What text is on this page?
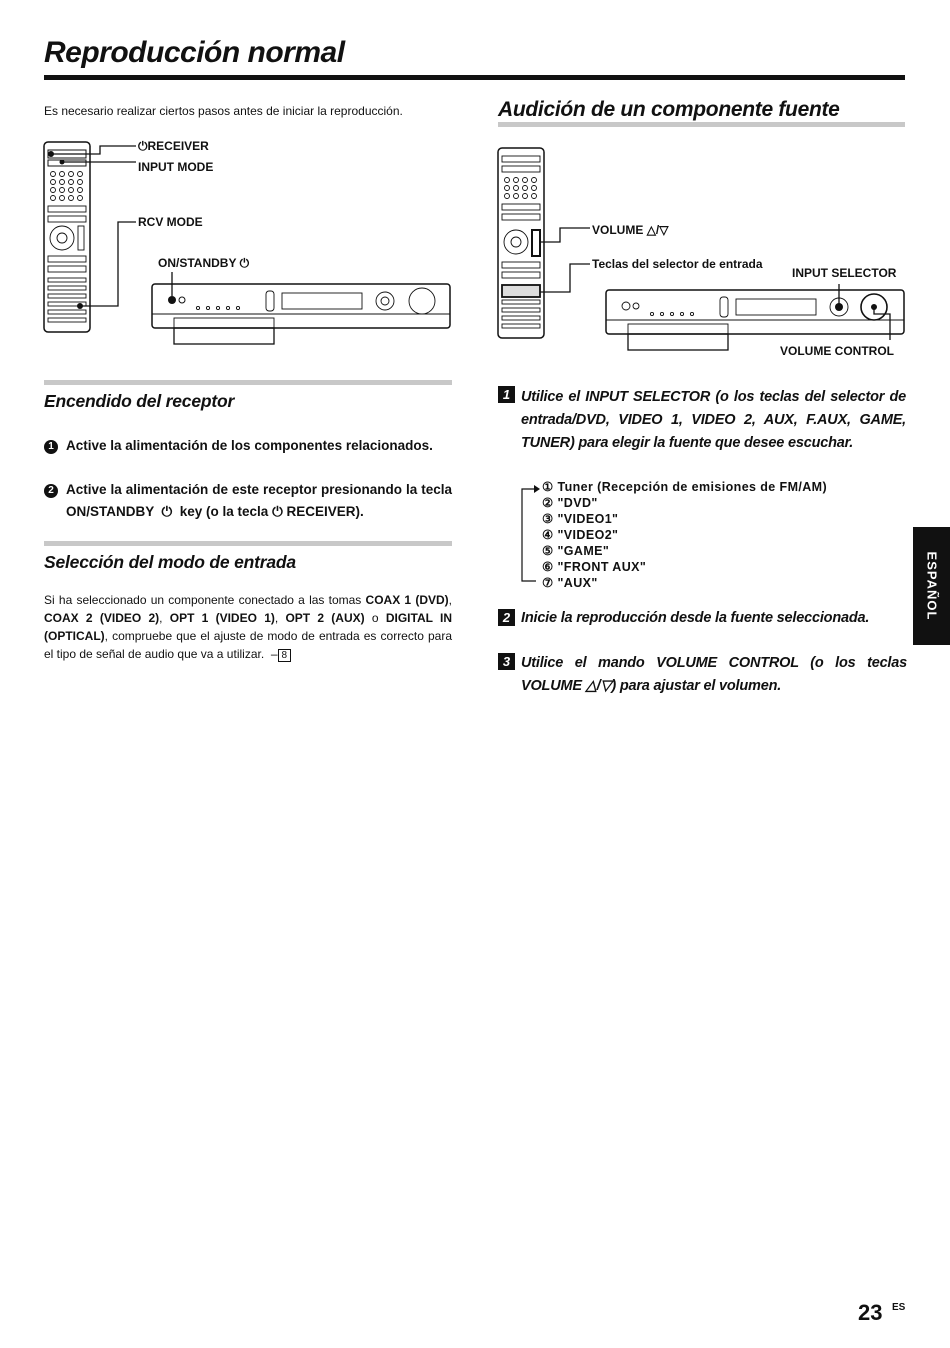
Reproducción normal
Es necesario realizar ciertos pasos antes de iniciar la reproducción.
⏻RECEIVER
INPUT MODE
RCV MODE
ON/STANDBY ⏻
Encendido del receptor
1 Active la alimentación de los componentes relacionados.
2 Active la alimentación de este receptor presionando la tecla ON/STANDBY  ⏻  key (o la tecla ⏻ RECEIVER).
Selección del modo de entrada
Si ha seleccionado un componente conectado a las tomas COAX 1 (DVD), COAX 2 (VIDEO 2), OPT 1 (VIDEO 1), OPT 2 (AUX) o DIGITAL IN (OPTICAL), compruebe que el ajuste de modo de entrada es correcto para el tipo de señal de audio que va a utilizar. – 8
Audición de un componente fuente
VOLUME △/▽
Teclas del selector de entrada
INPUT SELECTOR
VOLUME CONTROL
1 Utilice el INPUT SELECTOR (o los teclas del selector de entrada/DVD, VIDEO 1, VIDEO 2, AUX, F.AUX, GAME, TUNER) para elegir la fuente que desee escuchar.
① Tuner (Recepción de emisiones de FM/AM)
② "DVD"
③ "VIDEO1"
④ "VIDEO2"
⑤ "GAME"
⑥ "FRONT AUX"
⑦ "AUX"
2 Inicie la reproducción desde la fuente seleccionada.
3 Utilice el mando VOLUME CONTROL (o los teclas VOLUME △/▽) para ajustar el volumen.
ESPAÑOL
23 ES
